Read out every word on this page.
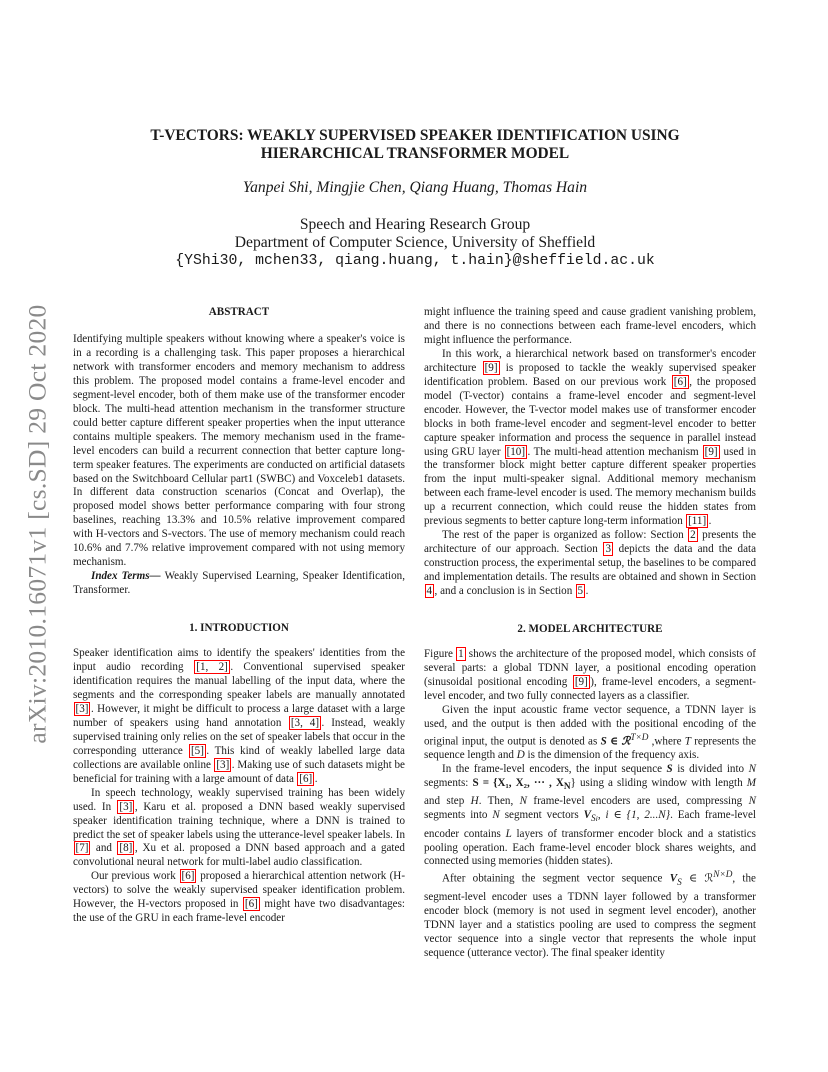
T-VECTORS: WEAKLY SUPERVISED SPEAKER IDENTIFICATION USING
HIERARCHICAL TRANSFORMER MODEL
Yanpei Shi, Mingjie Chen, Qiang Huang, Thomas Hain
Speech and Hearing Research Group
Department of Computer Science, University of Sheffield
{YShi30, mchen33, qiang.huang, t.hain}@sheffield.ac.uk
arXiv:2010.16071v1 [cs.SD] 29 Oct 2020	ABSTRACT

Identifying multiple speakers without knowing where a speaker's voice is in a recording is a challenging task. This paper proposes a hierarchical network with transformer encoders and memory mechanism to address this problem. The proposed model contains a frame-level encoder and segment-level encoder, both of them make use of the transformer encoder block. The multi-head attention mechanism in the transformer structure could better capture different speaker properties when the input utterance contains multiple speakers. The memory mechanism used in the frame-level encoders can build a recurrent connection that better capture long-term speaker features. The experiments are conducted on artificial datasets based on the Switchboard Cellular part1 (SWBC) and Voxceleb1 datasets. In different data construction scenarios (Concat and Overlap), the proposed model shows better performance comparing with four strong baselines, reaching 13.3% and 10.5% relative improvement compared with H-vectors and S-vectors. The use of memory mechanism could reach 10.6% and 7.7% relative improvement compared with not using memory mechanism.

Index Terms— Weakly Supervised Learning, Speaker Identification, Transformer.

1. INTRODUCTION

Speaker identification aims to identify the speakers' identities from the input audio recording [1, 2] . Conventional supervised speaker identification requires the manual labelling of the input data, where the segments and the corresponding speaker labels are manually annotated [3] . However, it might be difficult to process a large dataset with a large number of speakers using hand annotation [3, 4] . Instead, weakly supervised training only relies on the set of speaker labels that occur in the corresponding utterance [5] . This kind of weakly labelled large data collections are available online [3] . Making use of such datasets might be beneficial for training with a large amount of data [6] .

In speech technology, weakly supervised training has been widely used. In [3] , Karu et al. proposed a DNN based weakly supervised speaker identification training technique, where a DNN is trained to predict the set of speaker labels using the utterance-level speaker labels. In [7] and [8] , Xu et al. proposed a DNN based approach and a gated convolutional neural network for multi-label audio classification.

Our previous work [6] proposed a hierarchical attention network (H-vectors) to solve the weakly supervised speaker identification problem. However, the H-vectors proposed in [6] might have two disadvantages: the use of the GRU in each frame-level encoder

might influence the training speed and cause gradient vanishing problem, and there is no connections between each frame-level encoders, which might influence the performance.

In this work, a hierarchical network based on transformer's encoder architecture [9] is proposed to tackle the weakly supervised speaker identification problem. Based on our previous work [6] , the proposed model (T-vector) contains a frame-level encoder and segment-level encoder. However, the T-vector model makes use of transformer encoder blocks in both frame-level encoder and segment-level encoder to better capture speaker information and process the sequence in parallel instead using GRU layer [10] . The multi-head attention mechanism [9] used in the transformer block might better capture different speaker properties from the input multi-speaker signal. Additional memory mechanism between each frame-level encoder is used. The memory mechanism builds up a recurrent connection, which could reuse the hidden states from previous segments to better capture long-term information [11] .

The rest of the paper is organized as follow: Section 2 presents the architecture of our approach. Section 3 depicts the data and the data construction process, the experimental setup, the baselines to be compared and implementation details. The results are obtained and shown in Section 4 , and a conclusion is in Section 5 .

2. MODEL ARCHITECTURE

Figure 1 shows the architecture of the proposed model, which consists of several parts: a global TDNN layer, a positional encoding operation (sinusoidal positional encoding [9] ), frame-level encoders, a segment-level encoder, and two fully connected layers as a classifier.

Given the input acoustic frame vector sequence, a TDNN layer is used, and the output is then added with the positional encoding of the original input, the output is denoted as S ∈ ℛ$^{T\times D}$ ,where T represents the sequence length and D is the dimension of the frequency axis.

In the frame-level encoders, the input sequence S is divided into N segments: S = {X₁, X₂, ··· , $X_N$} using a sliding window with length M and step H. Then, N frame-level encoders are used, compressing N segments into N segment vectors $V_{Si}$, i ∈ {1, 2...N}. Each frame-level encoder contains L layers of transformer encoder block and a statistics pooling operation. Each frame-level encoder block shares weights, and connected using memories (hidden states).

After obtaining the segment vector sequence $V_S$ ∈ ℛ$^{N\times D}$, the segment-level encoder uses a TDNN layer followed by a transformer encoder block (memory is not used in segment level encoder), another TDNN layer and a statistics pooling are used to compress the segment vector sequence into a single vector that represents the whole input sequence (utterance vector). The final speaker identity
